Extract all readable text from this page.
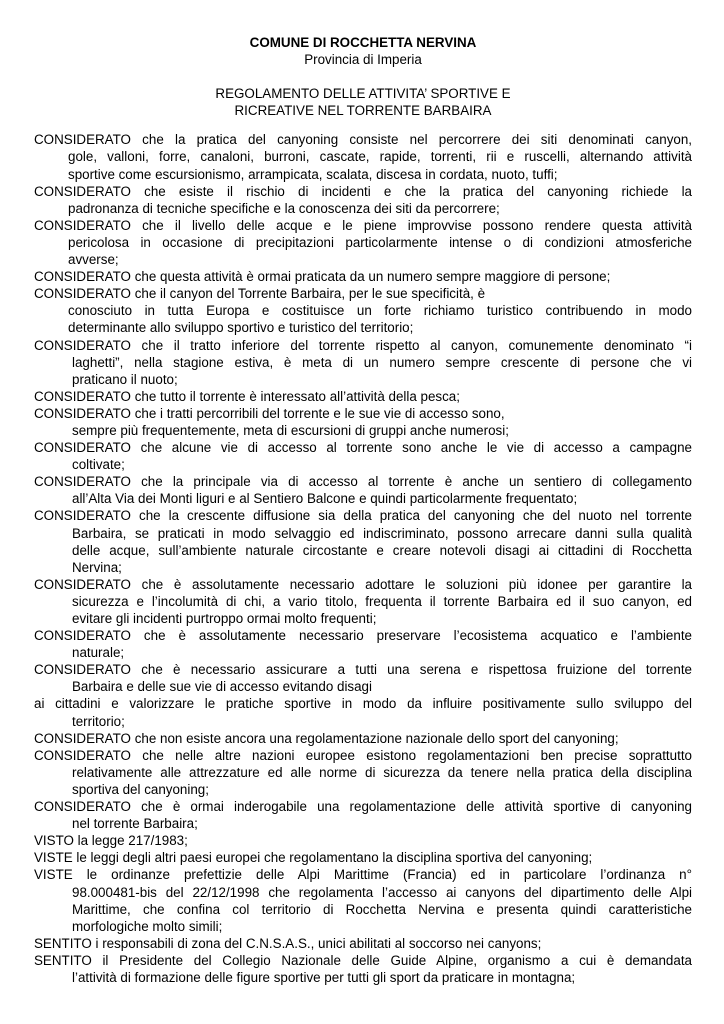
COMUNE DI ROCCHETTA NERVINA
Provincia di Imperia
REGOLAMENTO DELLE ATTIVITA’ SPORTIVE E
RICREATIVE NEL TORRENTE BARBAIRA
CONSIDERATO che la pratica del canyoning consiste nel percorrere dei siti denominati canyon,
gole, valloni, forre, canaloni, burroni, cascate, rapide, torrenti, rii e ruscelli, alternando attività
sportive come escursionismo, arrampicata, scalata, discesa in cordata, nuoto, tuffi;
CONSIDERATO che esiste il rischio di incidenti e che la pratica del canyoning richiede la
padronanza di tecniche specifiche e la conoscenza dei siti da percorrere;
CONSIDERATO che il livello delle acque e le piene improvvise possono rendere questa attività
pericolosa in occasione di precipitazioni particolarmente intense o di condizioni atmosferiche
avverse;
CONSIDERATO che questa attività è ormai praticata da un numero sempre maggiore di persone;
CONSIDERATO che il canyon del Torrente Barbaira, per le sue specificità, è
conosciuto in tutta Europa e costituisce un forte richiamo turistico contribuendo in modo
determinante allo sviluppo sportivo e turistico del territorio;
CONSIDERATO che il tratto inferiore del torrente rispetto al canyon, comunemente denominato “i
laghetti”, nella stagione estiva, è meta di un numero sempre crescente di persone che vi
praticano il nuoto;
CONSIDERATO che tutto il torrente è interessato all’attività della pesca;
CONSIDERATO che i tratti percorribili del torrente e le sue vie di accesso sono,
sempre più frequentemente, meta di escursioni di gruppi anche numerosi;
CONSIDERATO che alcune vie di accesso al torrente sono anche le vie di accesso a campagne
coltivate;
CONSIDERATO che la principale via di accesso al torrente è anche un sentiero di collegamento
all’Alta Via dei Monti liguri e al Sentiero Balcone e quindi particolarmente frequentato;
CONSIDERATO che la crescente diffusione sia della pratica del canyoning che del nuoto nel torrente
Barbaira, se praticati in modo selvaggio ed indiscriminato, possono arrecare danni sulla qualità
delle acque, sull’ambiente naturale circostante e creare notevoli disagi ai cittadini di Rocchetta
Nervina;
CONSIDERATO che è assolutamente necessario adottare le soluzioni più idonee per garantire la
sicurezza e l’incolumità di chi, a vario titolo, frequenta il torrente Barbaira ed il suo canyon, ed
evitare gli incidenti purtroppo ormai molto frequenti;
CONSIDERATO che è assolutamente necessario preservare l’ecosistema acquatico e l’ambiente
naturale;
CONSIDERATO che è necessario assicurare a tutti una serena e rispettosa fruizione del torrente
Barbaira e delle sue vie di accesso evitando disagi
ai cittadini e valorizzare le pratiche sportive in modo da influire positivamente sullo sviluppo del
territorio;
CONSIDERATO che non esiste ancora una regolamentazione nazionale dello sport del canyoning;
CONSIDERATO che nelle altre nazioni europee esistono regolamentazioni ben precise soprattutto
relativamente alle attrezzature ed alle norme di sicurezza da tenere nella pratica della disciplina
sportiva del canyoning;
CONSIDERATO che è ormai inderogabile una regolamentazione delle attività sportive di canyoning
nel torrente Barbaira;
VISTO la legge 217/1983;
VISTE le leggi degli altri paesi europei che regolamentano la disciplina sportiva del canyoning;
VISTE le ordinanze prefettizie delle Alpi Marittime (Francia) ed in particolare l’ordinanza n°
98.000481-bis del 22/12/1998 che regolamenta l’accesso ai canyons del dipartimento delle Alpi
Marittime, che confina col territorio di Rocchetta Nervina e presenta quindi caratteristiche
morfologiche molto simili;
SENTITO i responsabili di zona del C.N.S.A.S., unici abilitati al soccorso nei canyons;
SENTITO il Presidente del Collegio Nazionale delle Guide Alpine, organismo a cui è demandata
l’attività di formazione delle figure sportive per tutti gli sport da praticare in montagna;
